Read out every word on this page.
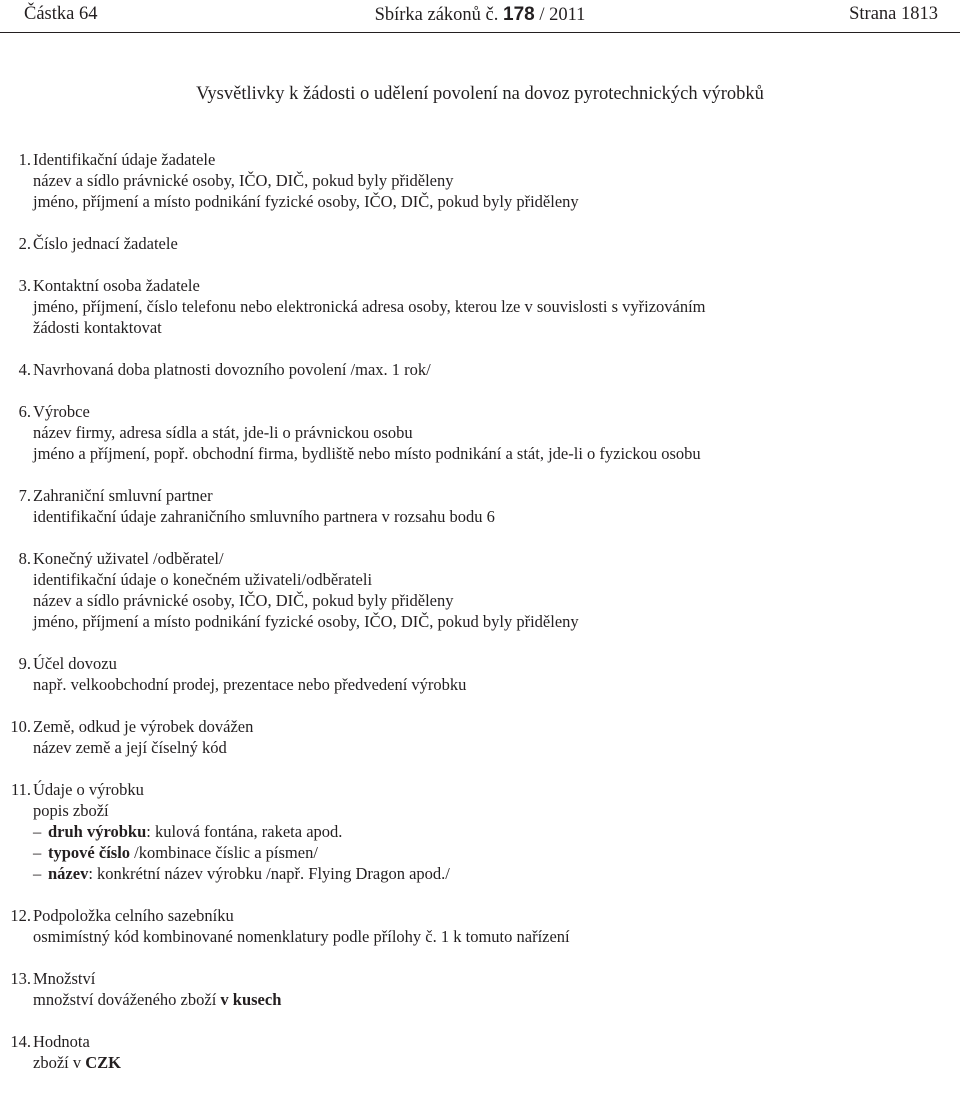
Částka 64	Sbírka zákonů č. 178 / 2011	Strana 1813
Vysvětlivky k žádosti o udělení povolení na dovoz pyrotechnických výrobků
1. Identifikační údaje žadatele
název a sídlo právnické osoby, IČO, DIČ, pokud byly přiděleny
jméno, příjmení a místo podnikání fyzické osoby, IČO, DIČ, pokud byly přiděleny
2. Číslo jednací žadatele
3. Kontaktní osoba žadatele
jméno, příjmení, číslo telefonu nebo elektronická adresa osoby, kterou lze v souvislosti s vyřizováním
žádosti kontaktovat
4. Navrhovaná doba platnosti dovozního povolení /max. 1 rok/
6. Výrobce
název firmy, adresa sídla a stát, jde-li o právnickou osobu
jméno a příjmení, popř. obchodní firma, bydliště nebo místo podnikání a stát, jde-li o fyzickou osobu
7. Zahraniční smluvní partner
identifikační údaje zahraničního smluvního partnera v rozsahu bodu 6
8. Konečný uživatel /odběratel/
identifikační údaje o konečném uživateli/odběrateli
název a sídlo právnické osoby, IČO, DIČ, pokud byly přiděleny
jméno, příjmení a místo podnikání fyzické osoby, IČO, DIČ, pokud byly přiděleny
9. Účel dovozu
např. velkoobchodní prodej, prezentace nebo předvedení výrobku
10. Země, odkud je výrobek dovážen
název země a její číselný kód
11. Údaje o výrobku
popis zboží
– druh výrobku: kulová fontána, raketa apod.
– typové číslo /kombinace číslic a písmen/
– název: konkrétní název výrobku /např. Flying Dragon apod./
12. Podpoložka celního sazebníku
osmimístný kód kombinované nomenklatury podle přílohy č. 1 k tomuto nařízení
13. Množství
množství dováženého zboží v kusech
14. Hodnota
zboží v CZK
